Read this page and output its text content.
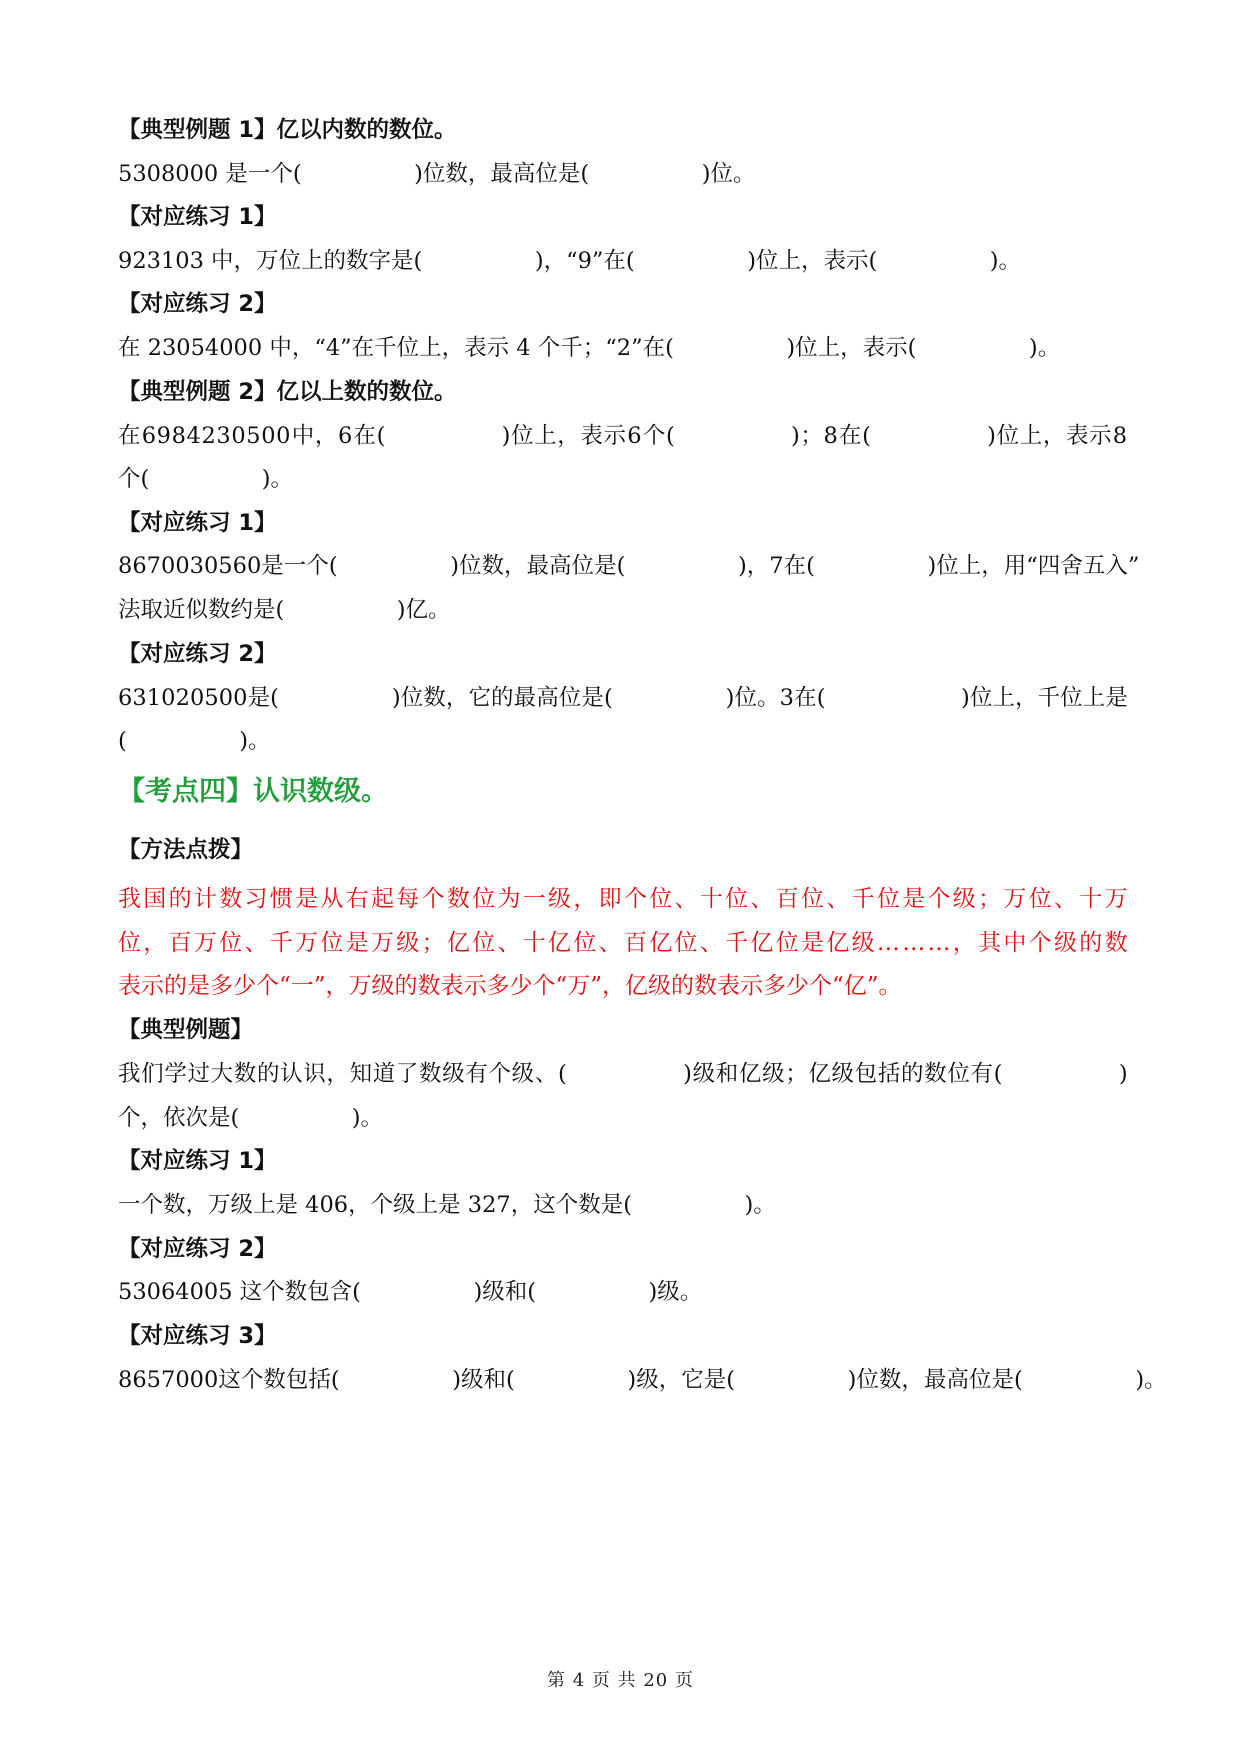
【典型例题 1】亿以内数的数位。
5308000 是一个(　　　　　)位数，最高位是(　　　　　)位。
【对应练习 1】
923103 中，万位上的数字是(　　　　　)，“9”在(　　　　　)位上，表示(　　　　　)。
【对应练习 2】
在 23054000 中，“4”在千位上，表示 4 个千；“2”在(　　　　　)位上，表示(　　　　　)。
【典型例题 2】亿以上数的数位。
在 6 9 8 4 2 3 0 5 0 0 中 ， 6 在 (

　	) 位 上 ， 表 示 6 个 (

　	) ； 8 在 (

　	) 位 上 ， 表 示 8
个(　　　　　)。
【对应练习 1】
8 6 7 0 0 3 0 5 6 0 是 一 个 (

　	) 位 数 ， 最 高 位 是 (

　	) ， 7 在 (

　	) 位 上 ， 用 “ 四 舍 五 入 ”
法取近似数约是(　　　　　)亿。
【对应练习 2】
6 3 1 0 2 0 5 0 0 是 (

　	) 位 数 ， 它 的 最 高 位 是 (

　	) 位 。 3 在 (

　	) 位 上 ， 千 位 上 是
(　　　　　)。
【考点四】认识数级。
【方法点拨】
我 国 的 计 数 习 惯 是 从 右 起 每 个 数 位 为 一 级 ， 即 个 位 、 十 位 、 百 位 、 千 位 是 个 级 ； 万 位 、 十 万
位 ， 百 万 位 、 千 万 位 是 万 级 ； 亿 位 、 十 亿 位 、 百 亿 位 、 千 亿 位 是 亿 级 … … … ， 其 中 个 级 的 数
表示的是多少个“一”，万级的数表示多少个“万”，亿级的数表示多少个“亿”。
【典型例题】
我 们 学 过 大 数 的 认 识 ， 知 道 了 数 级 有 个 级 、 (

　	) 级 和 亿 级 ； 亿 级 包 括 的 数 位 有 (

　	)
个，依次是(　　　　　)。
【对应练习 1】
一个数，万级上是 406，个级上是 327，这个数是(　　　　　)。
【对应练习 2】
53064005 这个数包含(　　　　　)级和(　　　　　)级。
【对应练习 3】
8 6 5 7 0 0 0 这 个 数 包 括 (

　	) 级 和 (

　	) 级 ， 它 是 (

　	) 位 数 ， 最 高 位 是 (

　	) 。
第 4 页 共 20 页
